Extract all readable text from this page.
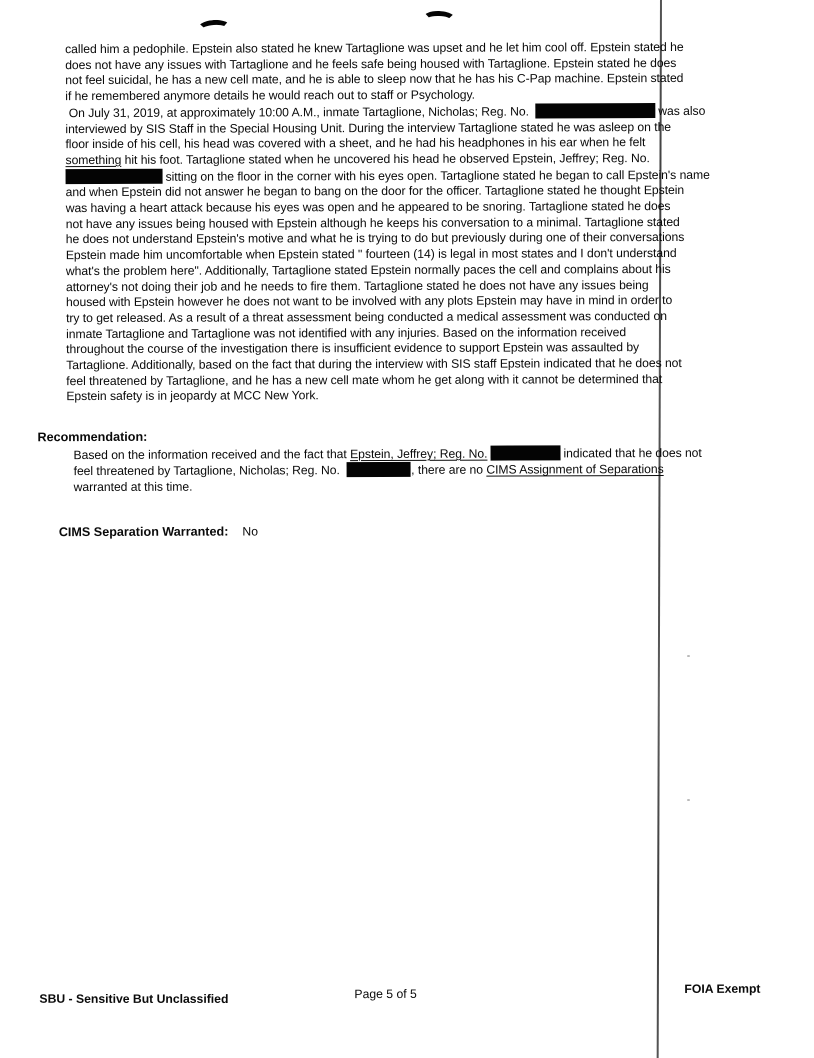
called him a pedophile. Epstein also stated he knew Tartaglione was upset and he let him cool off. Epstein stated he
does not have any issues with Tartaglione and he feels safe being housed with Tartaglione. Epstein stated he does
not feel suicidal, he has a new cell mate, and he is able to sleep now that he has his C-Pap machine. Epstein stated
if he remembered anymore details he would reach out to staff or Psychology.
On July 31, 2019, at approximately 10:00 A.M., inmate Tartaglione, Nicholas; Reg. No.	was also
interviewed by SIS Staff in the Special Housing Unit. During the interview Tartaglione stated he was asleep on the
floor inside of his cell, his head was covered with a sheet, and he had his headphones in his ear when he felt
something hit his foot. Tartaglione stated when he uncovered his head he observed Epstein, Jeffrey; Reg. No.
sitting on the floor in the corner with his eyes open. Tartaglione stated he began to call Epstein's name
and when Epstein did not answer he began to bang on the door for the officer. Tartaglione stated he thought Epstein
was having a heart attack because his eyes was open and he appeared to be snoring. Tartaglione stated he does
not have any issues being housed with Epstein although he keeps his conversation to a minimal. Tartaglione stated
he does not understand Epstein's motive and what he is trying to do but previously during one of their conversations
Epstein made him uncomfortable when Epstein stated " fourteen (14) is legal in most states and I don't understand
what's the problem here". Additionally, Tartaglione stated Epstein normally paces the cell and complains about his
attorney's not doing their job and he needs to fire them. Tartaglione stated he does not have any issues being
housed with Epstein however he does not want to be involved with any plots Epstein may have in mind in order to
try to get released. As a result of a threat assessment being conducted a medical assessment was conducted on
inmate Tartaglione and Tartaglione was not identified with any injuries. Based on the information received
throughout the course of the investigation there is insufficient evidence to support Epstein was assaulted by
Tartaglione. Additionally, based on the fact that during the interview with SIS staff Epstein indicated that he does not
feel threatened by Tartaglione, and he has a new cell mate whom he get along with it cannot be determined that
Epstein safety is in jeopardy at MCC New York.
Recommendation:
Based on the information received and the fact that Epstein, Jeffrey; Reg. No.	indicated that he does not
feel threatened by Tartaglione, Nicholas; Reg. No.	, there are no CIMS Assignment of Separations
warranted at this time.

CIMS Separation Warranted: No

SBU - Sensitive But Unclassified	Page 5 of 5	FOIA Exempt
